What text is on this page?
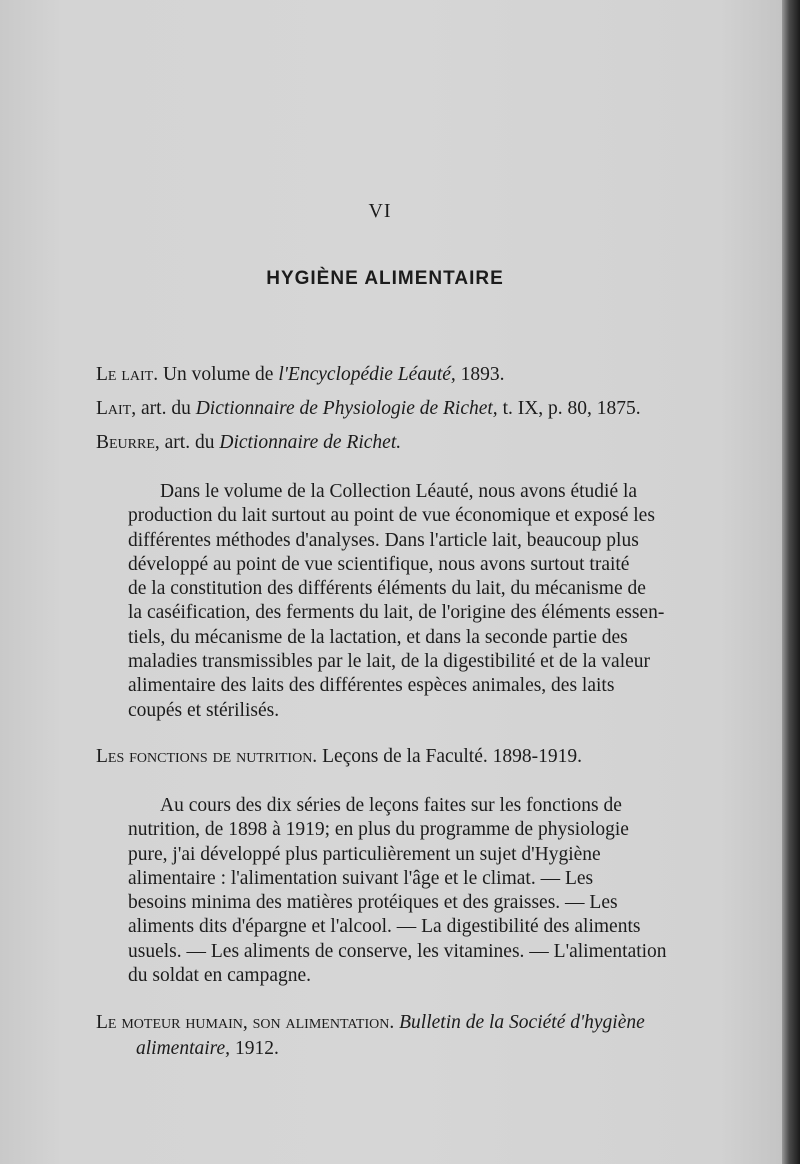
VI
HYGIÈNE ALIMENTAIRE
Le lait. Un volume de l'Encyclopédie Léauté, 1893.
Lait, art. du Dictionnaire de Physiologie de Richet, t. IX, p. 80, 1875.
Beurre, art. du Dictionnaire de Richet.
Dans le volume de la Collection Léauté, nous avons étudié la
production du lait surtout au point de vue économique et exposé les
différentes méthodes d'analyses. Dans l'article lait, beaucoup plus
développé au point de vue scientifique, nous avons surtout traité
de la constitution des différents éléments du lait, du mécanisme de
la caséification, des ferments du lait, de l'origine des éléments essen-
tiels, du mécanisme de la lactation, et dans la seconde partie des
maladies transmissibles par le lait, de la digestibilité et de la valeur
alimentaire des laits des différentes espèces animales, des laits
coupés et stérilisés.
Les fonctions de nutrition. Leçons de la Faculté. 1898-1919.
Au cours des dix séries de leçons faites sur les fonctions de
nutrition, de 1898 à 1919; en plus du programme de physiologie
pure, j'ai développé plus particulièrement un sujet d'Hygiène
alimentaire : l'alimentation suivant l'âge et le climat. — Les
besoins minima des matières protéiques et des graisses. — Les
aliments dits d'épargne et l'alcool. — La digestibilité des aliments
usuels. — Les aliments de conserve, les vitamines. — L'alimentation
du soldat en campagne.
Le moteur humain, son alimentation. Bulletin de la Société d'hygiène
alimentaire, 1912.
